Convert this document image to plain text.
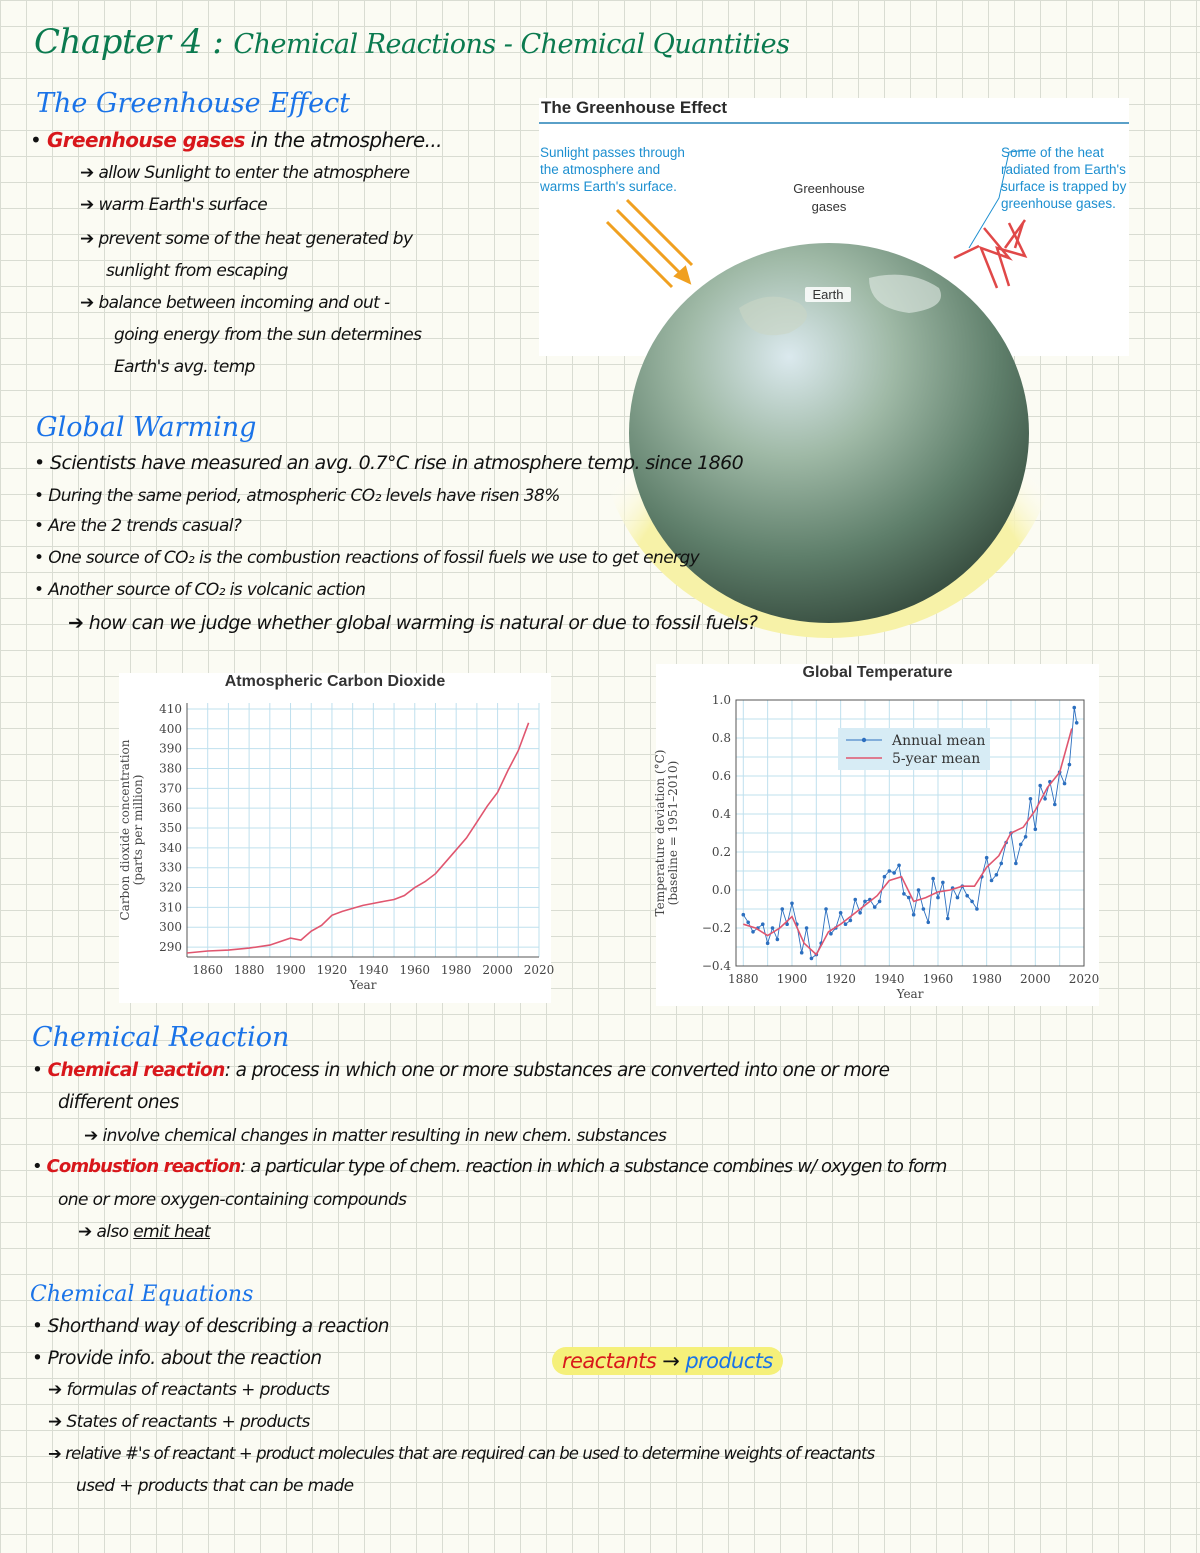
Chapter 4 : Chemical Reactions - Chemical Quantities
The Greenhouse Effect
• Greenhouse gases in the atmosphere...
➔ allow Sunlight to enter the atmosphere
➔ warm Earth's surface
➔ prevent some of the heat generated by
sunlight from escaping
➔ balance between incoming and out -
going energy from the sun determines
Earth's avg. temp
The Greenhouse Effect
Sunlight passes through
the atmosphere and
warms Earth's surface.	Greenhouse
gases
Earth
Some of the heat
radiated from Earth's
surface is trapped by
greenhouse gases.
Global Warming
• Scientists have measured an avg. 0.7°C rise in atmosphere temp. since 1860
• During the same period, atmospheric CO₂ levels have risen 38%
• Are the 2 trends casual?
• One source of CO₂ is the combustion reactions of fossil fuels we use to get energy
• Another source of CO₂ is volcanic action
➔ how can we judge whether global warming is natural or due to fossil fuels?
Atmospheric Carbon Dioxide
1860 1880 1900 1920 1940 1960 1980 2000 2020
290
300
310
320
330
340
350
360
370
380
390
400
410
Year
Carbon dioxide concentration (parts per million)
Global Temperature
1880 1900 1920 1940 1960 1980 2000 2020
−0.4
−0.2
0.0
0.2
0.4
0.6
0.8
1.0
Year
Temperature deviation (°C) (baseline = 1951–2010)
Annual mean
5-year mean
Chemical Reaction
• Chemical reaction: a process in which one or more substances are converted into one or more
different ones
➔ involve chemical changes in matter resulting in new chem. substances
• Combustion reaction: a particular type of chem. reaction in which a substance combines w/ oxygen to form
one or more oxygen-containing compounds
➔ also emit heat
Chemical Equations
• Shorthand way of describing a reaction
• Provide info. about the reaction	reactants → products
➔ formulas of reactants + products
➔ States of reactants + products
➔ relative #'s of reactant + product molecules that are required can be used to determine weights of reactants
used + products that can be made
